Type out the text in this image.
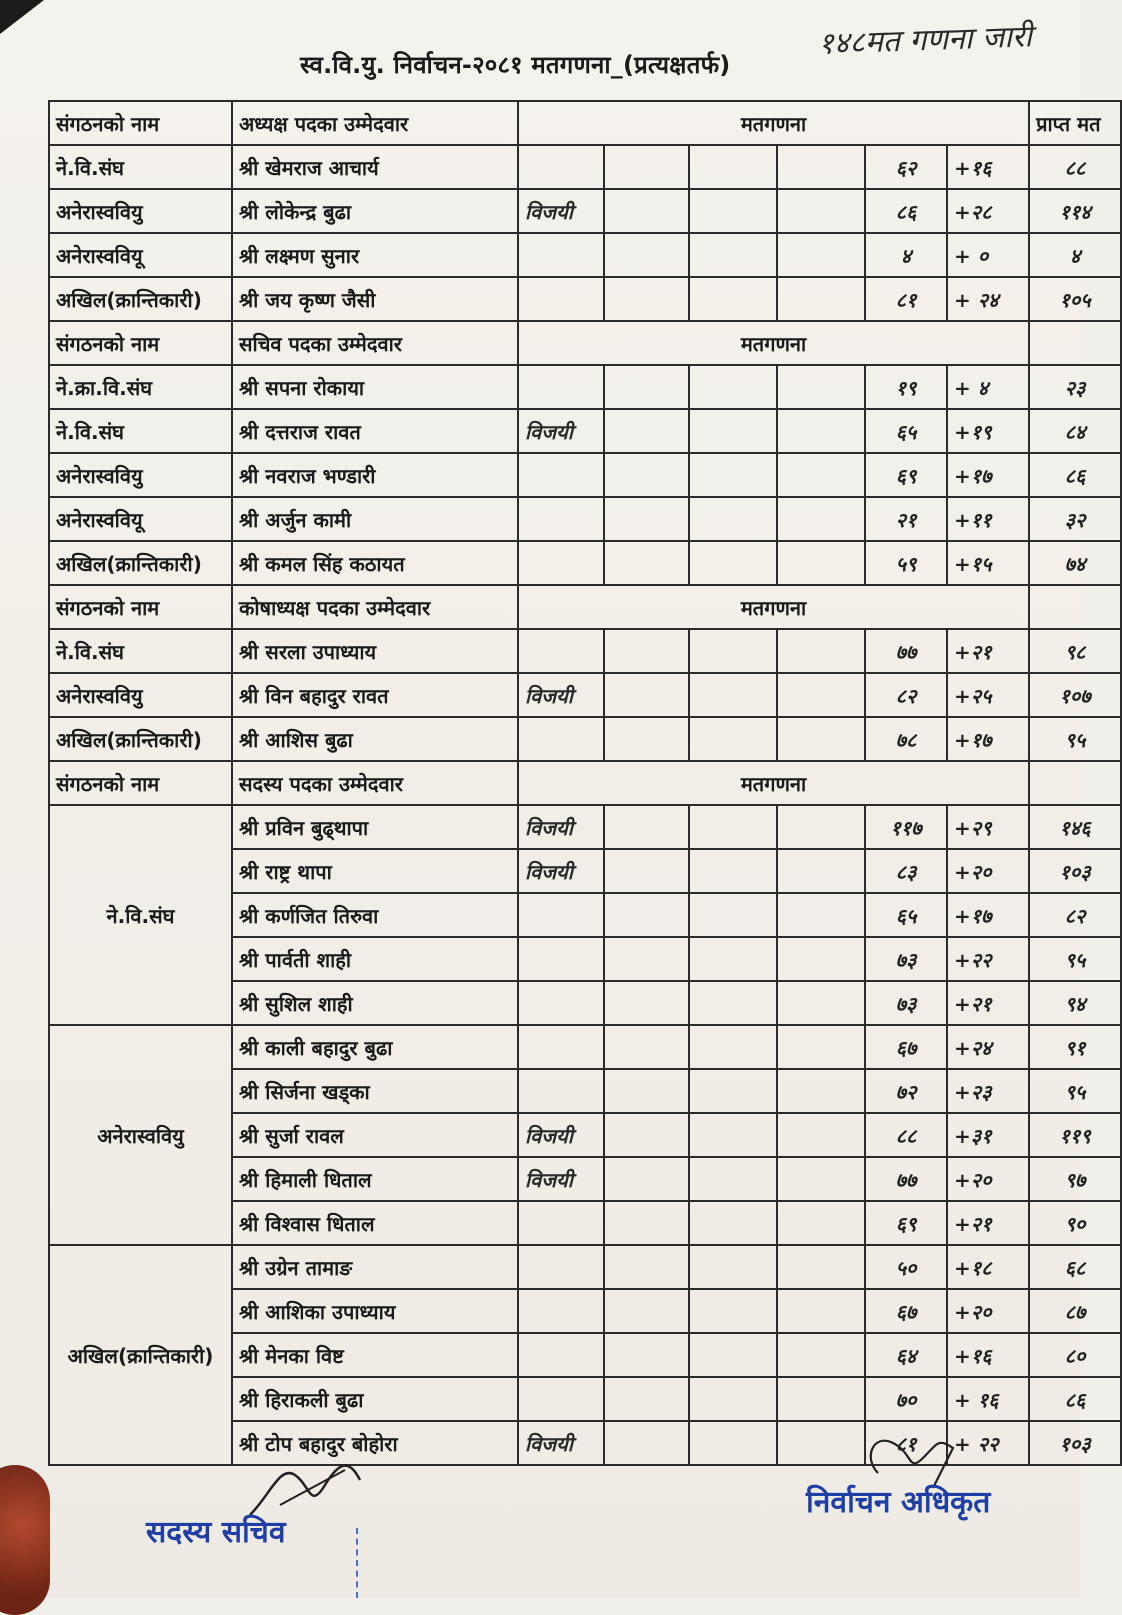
१४८मत गणना जारी
स्व.वि.यु. निर्वाचन-२०८१ मतगणना_(प्रत्यक्षतर्फ)
संगठनको नाम	अध्यक्ष पदका उम्मेदवार	मतगणना						प्राप्त मत
ने.वि.संघ	श्री खेमराज आचार्य					६२	+१६	८८
अनेरास्ववियु	श्री लोकेन्द्र बुढा	विजयी				८६	+२८	११४
अनेरास्ववियू	श्री लक्ष्मण सुनार					४	+ ०	४
अखिल(क्रान्तिकारी)	श्री जय कृष्ण जैसी					८१	+ २४	१०५
संगठनको नाम	सचिव पदका उम्मेदवार	मतगणना						
ने.क्रा.वि.संघ	श्री सपना रोकाया					१९	+ ४	२३
ने.वि.संघ	श्री दत्तराज रावत	विजयी				६५	+१९	८४
अनेरास्ववियु	श्री नवराज भण्डारी					६९	+१७	८६
अनेरास्ववियू	श्री अर्जुन कामी					२१	+११	३२
अखिल(क्रान्तिकारी)	श्री कमल सिंह कठायत					५९	+१५	७४
संगठनको नाम	कोषाध्यक्ष पदका उम्मेदवार	मतगणना						
ने.वि.संघ	श्री सरला उपाध्याय					७७	+२१	९८
अनेरास्ववियु	श्री विन बहादुर रावत	विजयी				८२	+२५	१०७
अखिल(क्रान्तिकारी)	श्री आशिस बुढा					७८	+१७	९५
संगठनको नाम	सदस्य पदका उम्मेदवार	मतगणना						
ने.वि.संघ	श्री प्रविन बुढ्थापा	विजयी				११७	+२९	१४६
	श्री राष्ट्र थापा	विजयी				८३	+२०	१०३
	श्री कर्णजित तिरुवा					६५	+१७	८२
	श्री पार्वती शाही					७३	+२२	९५
	श्री सुशिल शाही					७३	+२१	९४
अनेरास्ववियु	श्री काली बहादुर बुढा					६७	+२४	९१
	श्री सिर्जना खड्का					७२	+२३	९५
	श्री सुर्जा रावल	विजयी				८८	+३१	११९
	श्री हिमाली धिताल	विजयी				७७	+२०	९७
	श्री विश्वास धिताल					६९	+२१	९०
अखिल(क्रान्तिकारी)	श्री उग्रेन तामाङ					५०	+१८	६८
	श्री आशिका उपाध्याय					६७	+२०	८७
	श्री मेनका विष्ट					६४	+१६	८०
	श्री हिराकली बुढा					७०	+ १६	८६
	श्री टोप बहादुर बोहोरा	विजयी				८१	+ २२	१०३
सदस्य सचिव
निर्वाचन अधिकृत
